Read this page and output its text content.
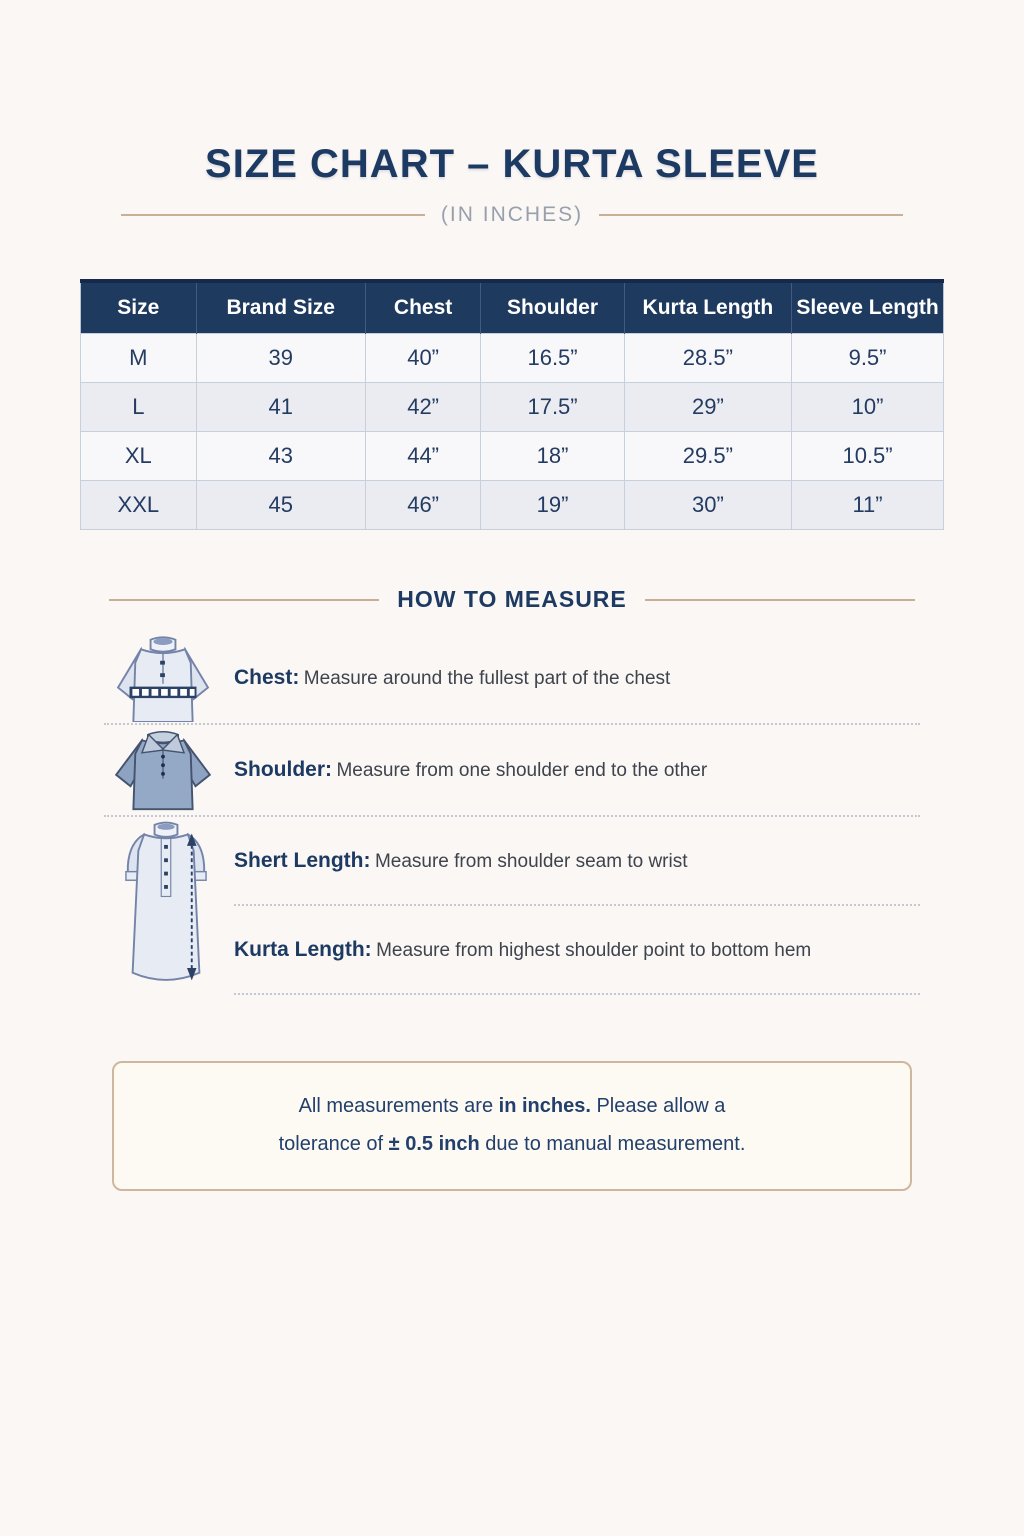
SIZE CHART – KURTA SLEEVE
(IN INCHES)
Size	Brand Size	Chest	Shoulder	Kurta Length	Sleeve Length
M	39	40”	16.5”	28.5”	9.5”
L	41	42”	17.5”	29”	10”
XL	43	44”	18”	29.5”	10.5”
XXL	45	46”	19”	30”	11”
HOW TO MEASURE

Chest: Measure around the fullest part of the chest

Shoulder: Measure from one shoulder end to the other

Shert Length: Measure from shoulder seam to wrist

Kurta Length: Measure from highest shoulder point to bottom hem

All measurements are in inches. Please allow a
tolerance of ± 0.5 inch due to manual measurement.
